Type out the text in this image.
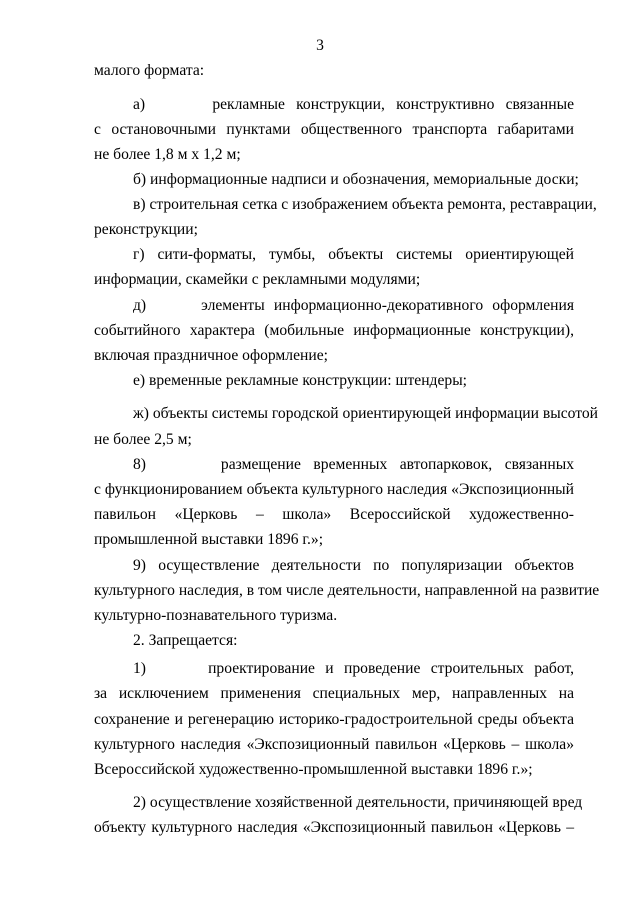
3
малого формата:
а)      рекламные конструкции, конструктивно связанные
с остановочными пунктами общественного транспорта габаритами
не более 1,8 м х 1,2 м;
б) информационные надписи и обозначения, мемориальные доски;
в) строительная сетка с изображением объекта ремонта, реставрации,
реконструкции;
г) сити-форматы, тумбы, объекты системы ориентирующей
информации, скамейки с рекламными модулями;
д)      элементы информационно-декоративного оформления
событийного характера (мобильные информационные конструкции),
включая праздничное оформление;
е) временные рекламные конструкции: штендеры;
ж) объекты системы городской ориентирующей информации высотой
не более 2,5 м;
8)      размещение временных автопарковок, связанных
с функционированием объекта культурного наследия «Экспозиционный
павильон «Церковь – школа» Всероссийской художественно-
промышленной выставки 1896 г.»;
9) осуществление деятельности по популяризации объектов
культурного наследия, в том числе деятельности, направленной на развитие
культурно-познавательного туризма.
2. Запрещается:
1)      проектирование и проведение строительных работ,
за исключением применения специальных мер, направленных на
сохранение и регенерацию историко-градостроительной среды объекта
культурного наследия «Экспозиционный павильон «Церковь – школа»
Всероссийской художественно-промышленной выставки 1896 г.»;
2) осуществление хозяйственной деятельности, причиняющей вред
объекту культурного наследия «Экспозиционный павильон «Церковь –
